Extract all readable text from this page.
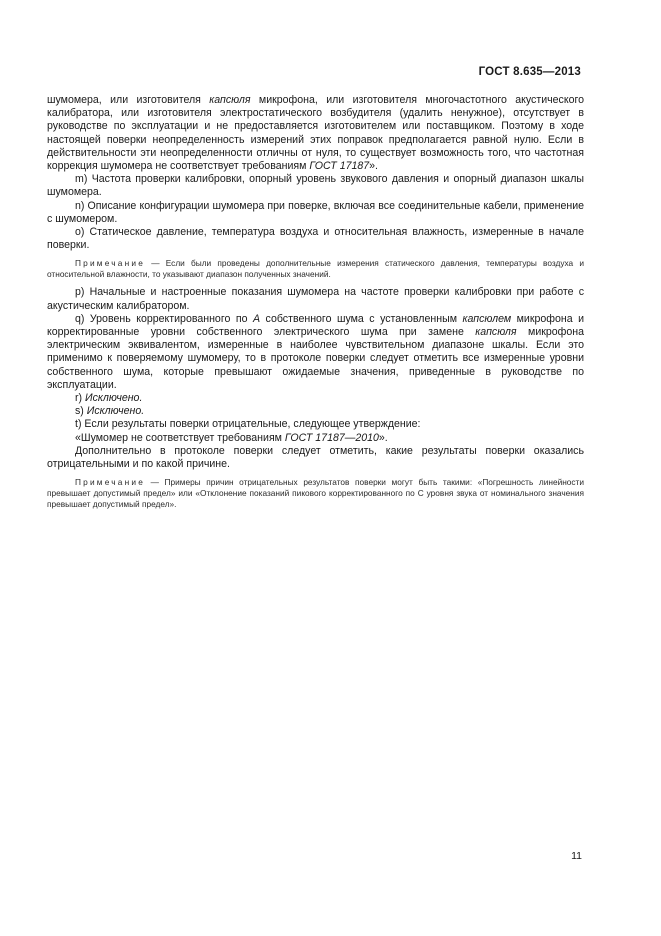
ГОСТ 8.635—2013

шумомера, или изготовителя капсюля микрофона, или изготовителя многочастотного акустического калибратора, или изготовителя электростатического возбудителя (удалить ненужное), отсутствует в руководстве по эксплуатации и не предоставляется изготовителем или поставщиком. Поэтому в ходе настоящей поверки неопределенность измерений этих поправок предполагается равной нулю. Если в действительности эти неопределенности отличны от нуля, то существует возможность того, что частотная коррекция шумомера не соответствует требованиям ГОСТ 17187».

m) Частота проверки калибровки, опорный уровень звукового давления и опорный диапазон шкалы шумомера.

n) Описание конфигурации шумомера при поверке, включая все соединительные кабели, применение с шумомером.

o) Статическое давление, температура воздуха и относительная влажность, измеренные в начале поверки.

Примечание — Если были проведены дополнительные измерения статического давления, температуры воздуха и относительной влажности, то указывают диапазон полученных значений.

p) Начальные и настроенные показания шумомера на частоте проверки калибровки при работе с акустическим калибратором.

q) Уровень корректированного по А собственного шума с установленным капсюлем микрофона и корректированные уровни собственного электрического шума при замене капсюля микрофона электрическим эквивалентом, измеренные в наиболее чувствительном диапазоне шкалы. Если это применимо к поверяемому шумомеру, то в протоколе поверки следует отметить все измеренные уровни собственного шума, которые превышают ожидаемые значения, приведенные в руководстве по эксплуатации.

r) Исключено.

s) Исключено.

t) Если результаты поверки отрицательные, следующее утверждение:

«Шумомер не соответствует требованиям ГОСТ 17187—2010».

Дополнительно в протоколе поверки следует отметить, какие результаты поверки оказались отрицательными и по какой причине.

Примечание — Примеры причин отрицательных результатов поверки могут быть такими: «Погрешность линейности превышает допустимый предел» или «Отклонение показаний пикового корректированного по С уровня звука от номинального значения превышает допустимый предел».

11
